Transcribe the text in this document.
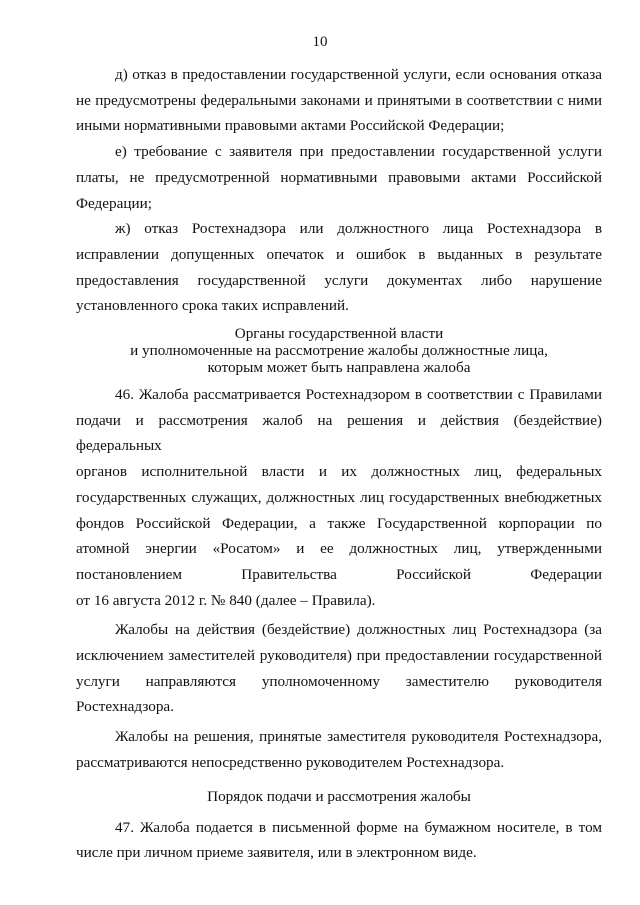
10
д) отказ в предоставлении государственной услуги, если основания отказа
не предусмотрены федеральными законами и принятыми в соответствии с ними
иными нормативными правовыми актами Российской Федерации;
е) требование с заявителя при предоставлении государственной услуги
платы, не предусмотренной нормативными правовыми актами Российской
Федерации;
ж) отказ Ростехнадзора или должностного лица Ростехнадзора в
исправлении допущенных опечаток и ошибок в выданных в результате
предоставления государственной услуги документах либо нарушение
установленного срока таких исправлений.
Органы государственной власти
и уполномоченные на рассмотрение жалобы должностные лица,
которым может быть направлена жалоба
46. Жалоба рассматривается Ростехнадзором в соответствии с Правилами
подачи и рассмотрения жалоб на решения и действия (бездействие) федеральных
органов исполнительной власти и их должностных лиц, федеральных
государственных служащих, должностных лиц государственных внебюджетных
фондов Российской Федерации, а также Государственной корпорации по
атомной энергии «Росатом» и ее должностных лиц, утвержденными
постановлением Правительства Российской Федерации
от 16 августа 2012 г. № 840 (далее – Правила).
Жалобы на действия (бездействие) должностных лиц Ростехнадзора (за
исключением заместителей руководителя) при предоставлении государственной
услуги направляются уполномоченному заместителю руководителя
Ростехнадзора.
Жалобы на решения, принятые заместителя руководителя Ростехнадзора,
рассматриваются непосредственно руководителем Ростехнадзора.
Порядок подачи и рассмотрения жалобы
47. Жалоба подается в письменной форме на бумажном носителе, в том
числе при личном приеме заявителя, или в электронном виде.
